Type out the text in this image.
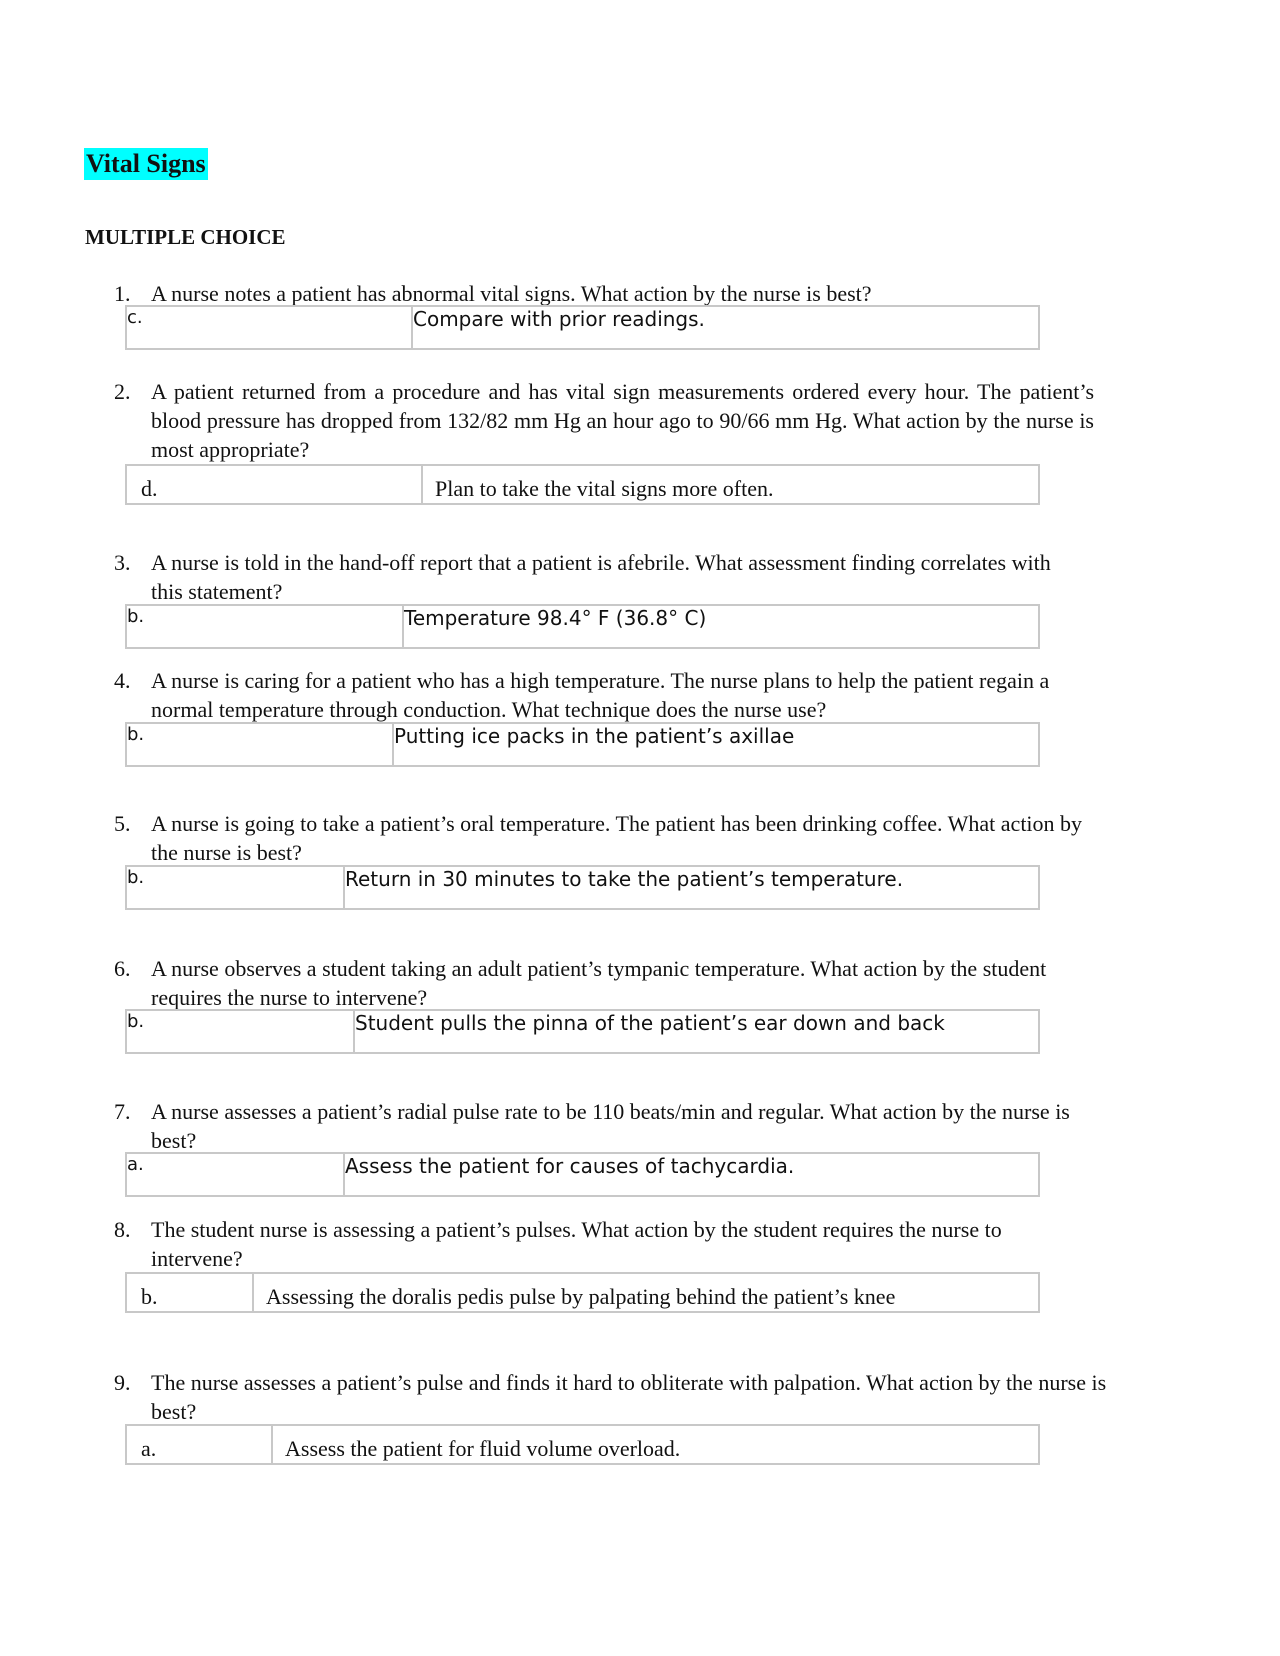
Vital Signs
MULTIPLE CHOICE
1. A nurse notes a patient has abnormal vital signs. What action by the nurse is best?
c.	Compare with prior readings.
2. A patient returned from a procedure and has vital sign measurements ordered every hour. The patient’s blood pressure has dropped from 132/82 mm Hg an hour ago to 90/66 mm Hg. What action by the nurse is most appropriate?
d.	Plan to take the vital signs more often.
3. A nurse is told in the hand-off report that a patient is afebrile. What assessment finding correlates with this statement?
b.	Temperature 98.4° F (36.8° C)
4. A nurse is caring for a patient who has a high temperature. The nurse plans to help the patient regain a normal temperature through conduction. What technique does the nurse use?
b.	Putting ice packs in the patient’s axillae
5. A nurse is going to take a patient’s oral temperature. The patient has been drinking coffee. What action by the nurse is best?
b.	Return in 30 minutes to take the patient’s temperature.
6. A nurse observes a student taking an adult patient’s tympanic temperature. What action by the student requires the nurse to intervene?
b.	Student pulls the pinna of the patient’s ear down and back
7. A nurse assesses a patient’s radial pulse rate to be 110 beats/min and regular. What action by the nurse is best?
a.	Assess the patient for causes of tachycardia.
8. The student nurse is assessing a patient’s pulses. What action by the student requires the nurse to intervene?
b.	Assessing the doralis pedis pulse by palpating behind the patient’s knee
9. The nurse assesses a patient’s pulse and finds it hard to obliterate with palpation. What action by the nurse is best?
a.	Assess the patient for fluid volume overload.
